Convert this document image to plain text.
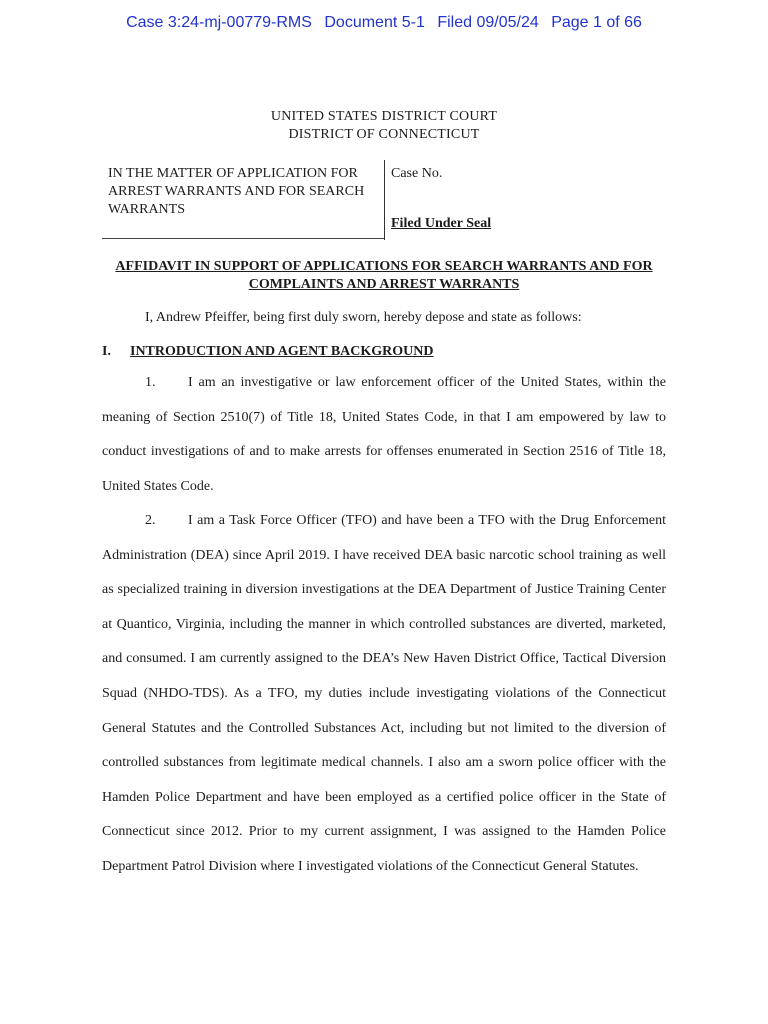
Case 3:24-mj-00779-RMS Document 5-1 Filed 09/05/24 Page 1 of 66
UNITED STATES DISTRICT COURT
DISTRICT OF CONNECTICUT
IN THE MATTER OF APPLICATION FOR ARREST WARRANTS AND FOR SEARCH WARRANTS
Case No.
Filed Under Seal
AFFIDAVIT IN SUPPORT OF APPLICATIONS FOR SEARCH WARRANTS AND FOR COMPLAINTS AND ARREST WARRANTS
I, Andrew Pfeiffer, being first duly sworn, hereby depose and state as follows:
I. INTRODUCTION AND AGENT BACKGROUND
1. I am an investigative or law enforcement officer of the United States, within the meaning of Section 2510(7) of Title 18, United States Code, in that I am empowered by law to conduct investigations of and to make arrests for offenses enumerated in Section 2516 of Title 18, United States Code.
2. I am a Task Force Officer (TFO) and have been a TFO with the Drug Enforcement Administration (DEA) since April 2019. I have received DEA basic narcotic school training as well as specialized training in diversion investigations at the DEA Department of Justice Training Center at Quantico, Virginia, including the manner in which controlled substances are diverted, marketed, and consumed. I am currently assigned to the DEA’s New Haven District Office, Tactical Diversion Squad (NHDO-TDS). As a TFO, my duties include investigating violations of the Connecticut General Statutes and the Controlled Substances Act, including but not limited to the diversion of controlled substances from legitimate medical channels. I also am a sworn police officer with the Hamden Police Department and have been employed as a certified police officer in the State of Connecticut since 2012. Prior to my current assignment, I was assigned to the Hamden Police Department Patrol Division where I investigated violations of the Connecticut General Statutes.
